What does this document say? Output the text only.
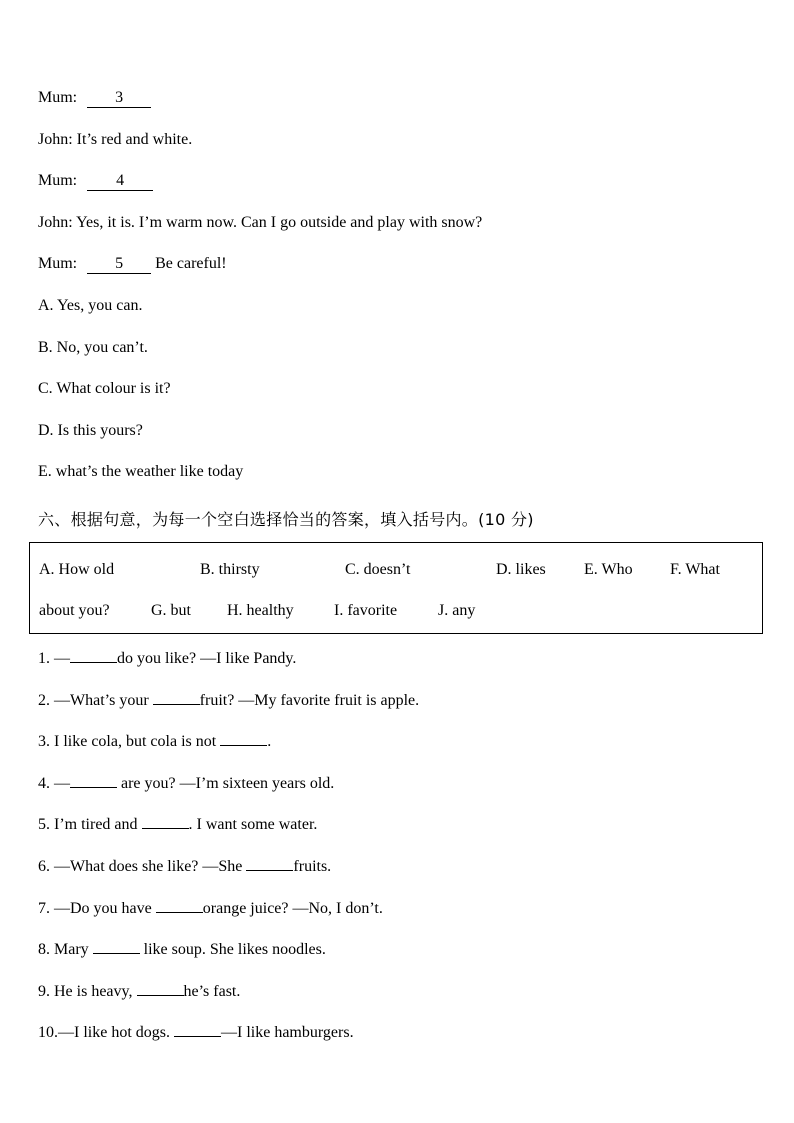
Mum: 3
John: It’s red and white.
Mum: 4
John: Yes, it is. I’m warm now. Can I go outside and play with snow?
Mum: 5 Be careful!
A. Yes, you can.
B. No, you can’t.
C. What colour is it?
D. Is this yours?
E. what’s the weather like today
六、根据句意，为每一个空白选择恰当的答案，填入括号内。(10 分)
A. How old	B. thirsty	C. doesn’t	D. likes E. Who F. What
about you?	G. but H. healthy	I. favorite	J. any
1. —	do you like? —I like Pandy.
2. —What’s your	fruit? —My favorite fruit is apple.
3. I like cola, but cola is not	.
4. —	are you? —I’m sixteen years old.
5. I’m tired and	. I want some water.
6. —What does she like? —She	fruits.
7. —Do you have	orange juice? —No, I don’t.
8. Mary	like soup. She likes noodles.
9. He is heavy,	he’s fast.
10.—I like hot dogs.	—I like hamburgers.
